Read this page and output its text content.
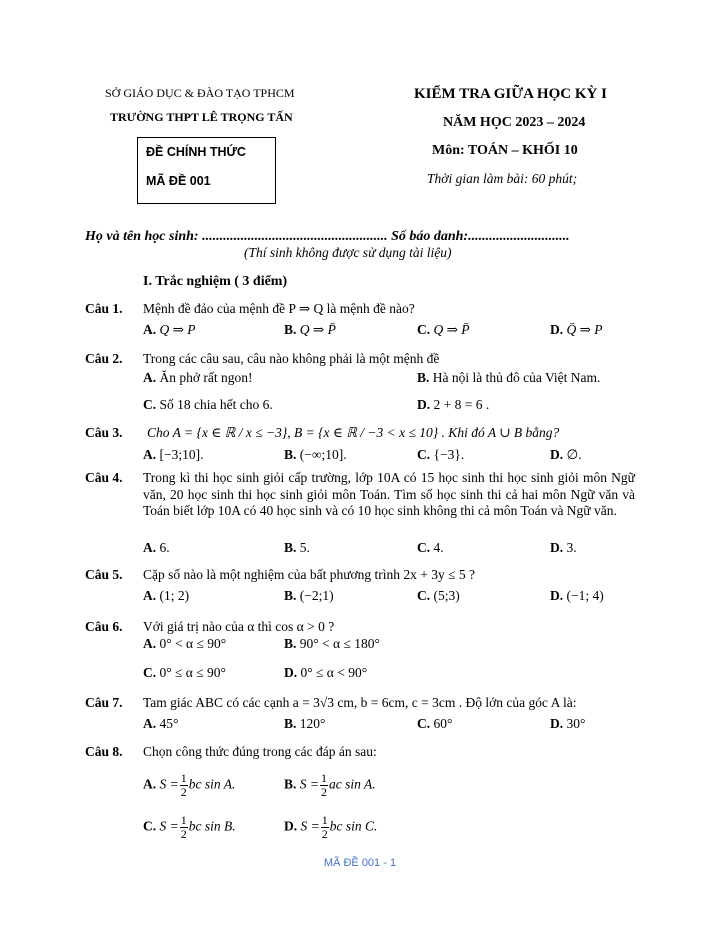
SỞ GIÁO DỤC & ĐÀO TẠO TPHCM
TRƯỜNG THPT LÊ TRỌNG TẤN
ĐỀ CHÍNH THỨC
MÃ ĐỀ 001
KIỂM TRA GIỮA HỌC KỲ I
NĂM HỌC 2023 – 2024
Môn: TOÁN – KHỐI 10
Thời gian làm bài: 60 phút;
Họ và tên học sinh: ..................................................... Số báo danh:.............................
(Thí sinh không được sử dụng tài liệu)
I. Trắc nghiệm ( 3 điểm)
Câu 1. Mệnh đề đảo của mệnh đề P ⇒ Q là mệnh đề nào?
A. Q ⇒ P	B. Q ⇒ P̄	C. Q ⇒ P̄	D. Q̄ ⇒ P
Câu 2. Trong các câu sau, câu nào không phải là một mệnh đề
A. Ăn phở rất ngon!	B. Hà nội là thủ đô của Việt Nam.
C. Số 18 chia hết cho 6.	D. 2 + 8 = 6 .
Câu 3. Cho A = {x ∈ ℝ / x ≤ −3}, B = {x ∈ ℝ / −3 < x ≤ 10} . Khi đó A ∪ B bằng?
A. [−3;10].	B. (−∞;10].	C. {−3}.	D. ∅.
Câu 4. Trong kì thi học sinh giỏi cấp trường, lớp 10A có 15 học sinh thi học sinh giỏi môn Ngữ văn, 20 học sinh thi học sinh giỏi môn Toán. Tìm số học sinh thi cả hai môn Ngữ văn và Toán biết lớp 10A có 40 học sinh và có 10 học sinh không thi cả môn Toán và Ngữ văn.
A. 6.	B. 5.	C. 4.	D. 3.
Câu 5. Cặp số nào là một nghiệm của bất phương trình 2x + 3y ≤ 5 ?
A. (1; 2)	B. (−2;1)	C. (5;3)	D. (−1; 4)
Câu 6. Với giá trị nào của α thì cos α > 0 ?
A. 0° < α ≤ 90°	B. 90° < α ≤ 180°
C. 0° ≤ α ≤ 90°	D. 0° ≤ α < 90°
Câu 7. Tam giác ABC có các cạnh a = 3√3 cm, b = 6cm, c = 3cm . Độ lớn của góc A là:
A. 45°	B. 120°	C. 60°	D. 30°
Câu 8. Chọn công thức đúng trong các đáp án sau:
A. $S = \frac{1}{2}$ bc sin A.	B. $S = \frac{1}{2}$ ac sin A.
C. $S = \frac{1}{2}$ bc sin B.	D. $S = \frac{1}{2}$ bc sin C.
MÃ ĐỀ 001 - 1
